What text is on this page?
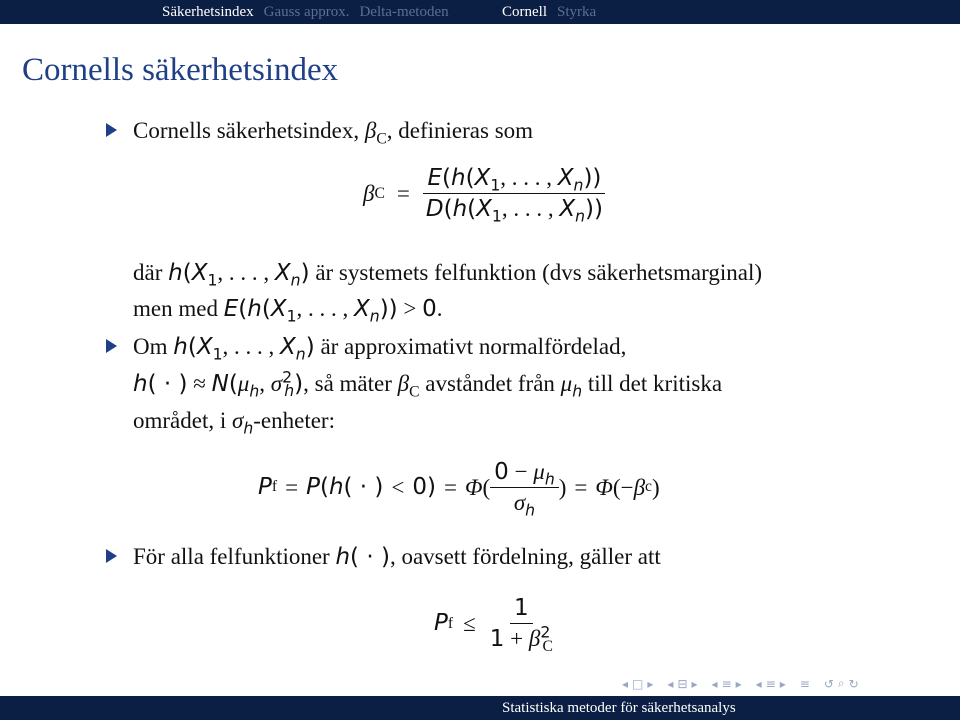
Säkerhetsindex Gauss approx. Delta-metoden	Cornell Styrka
Cornells säkerhetsindex
Cornells säkerhetsindex, $\beta_C$, definieras som
β $C = \frac{E(h(X_1, . . . , X_n))}{D(h(X_1, . . . , X_n))}$
där $h(X_1$, . . . , $X_n$) är systemets felfunktion (dvs säkerhetsmarginal)
men med $E(h(X_1$, . . . , $X_n)) > 0$.
Om $h(X_1$, . . . , $X_n$) är approximativt normalfördelad,
h( · ) ≈ $N(\mu_h$, $\sigma^2_h$), så mäter $\beta_C$ avståndet från $\mu_h$ till det kritiska
området, i $\sigma_h$-enheter:
P f = P ( h ( · ) < 0) = Φ ( $\frac{0 - \mu_h}{\sigma_h}$ ) = Φ ( − β c )
För alla felfunktioner h( · ), oavsett fördelning, gäller att
P $f \le \frac{1}{1 + \beta^2_C}$
◂ □ ▸ ◂ ⊟ ▸ ◂ ≡ ▸ ◂ ≡ ▸ ≡ ↺ ⌕ ↻
Statistiska metoder för säkerhetsanalys
